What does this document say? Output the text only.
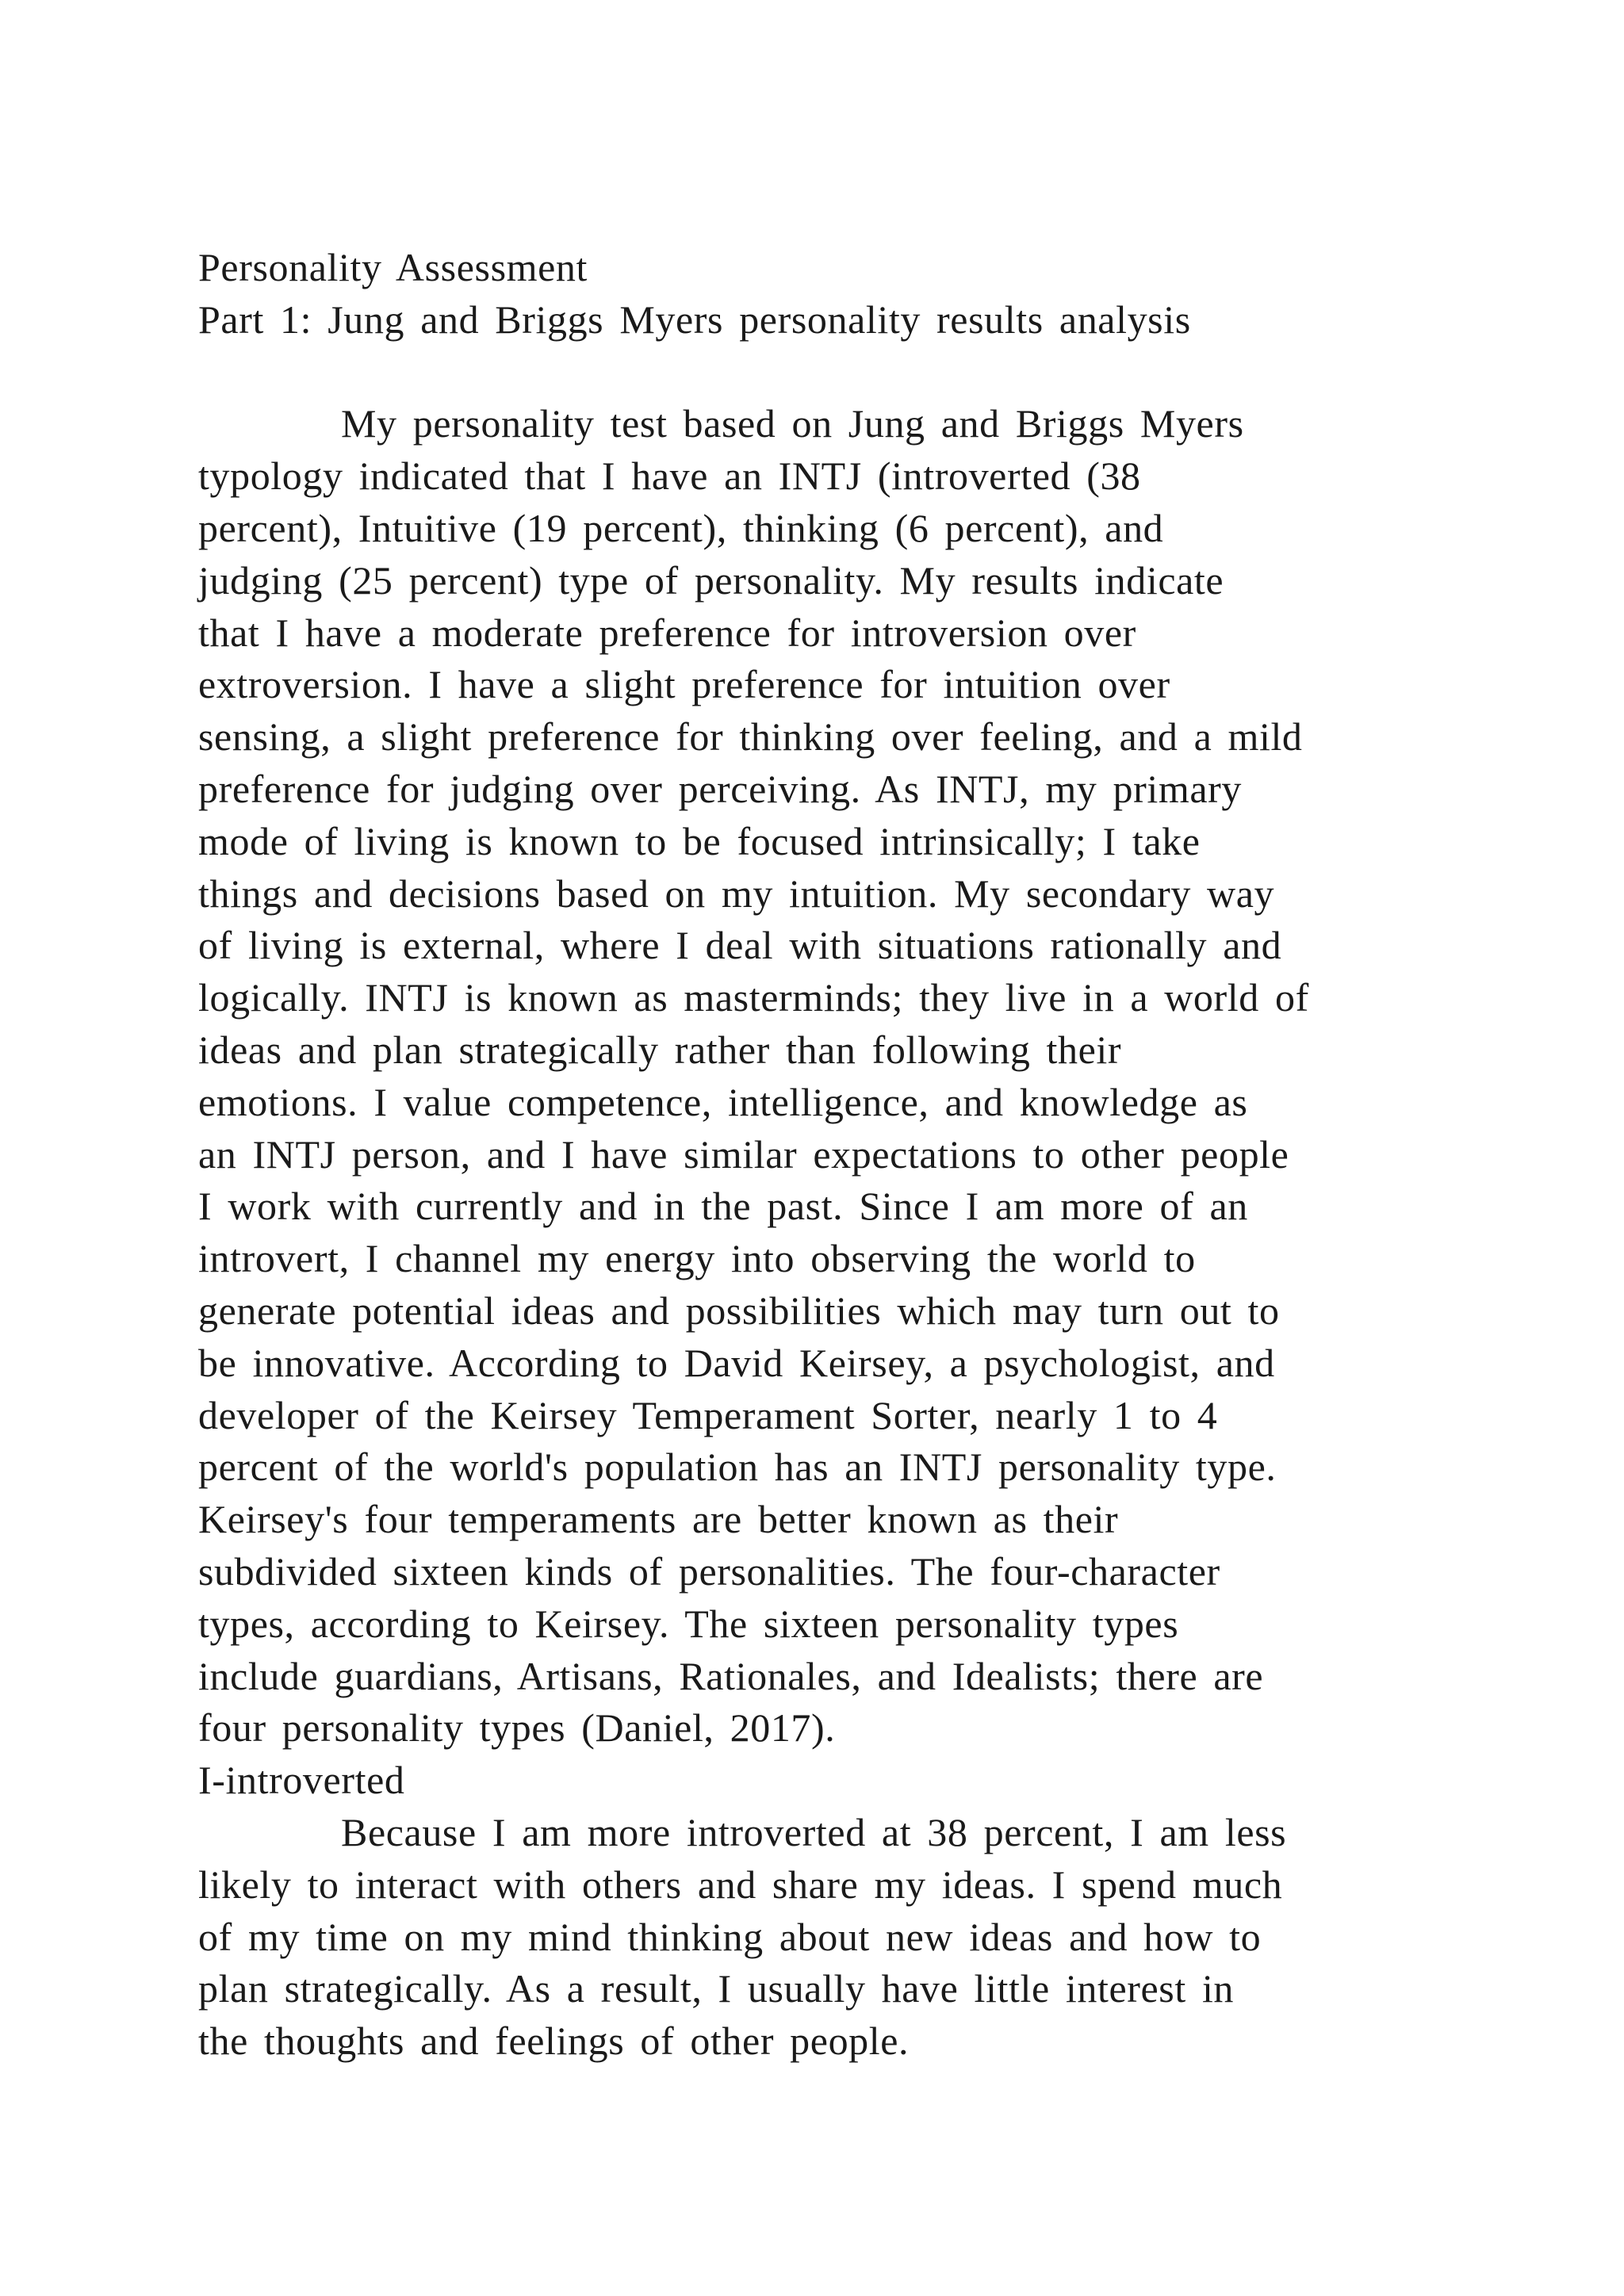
Personality Assessment
Part 1: Jung and Briggs Myers personality results analysis
My personality test based on Jung and Briggs Myers
typology indicated that I have an INTJ (introverted (38
percent), Intuitive (19 percent), thinking (6 percent), and
judging (25 percent) type of personality. My results indicate
that I have a moderate preference for introversion over
extroversion. I have a slight preference for intuition over
sensing, a slight preference for thinking over feeling, and a mild
preference for judging over perceiving. As INTJ, my primary
mode of living is known to be focused intrinsically; I take
things and decisions based on my intuition. My secondary way
of living is external, where I deal with situations rationally and
logically. INTJ is known as masterminds; they live in a world of
ideas and plan strategically rather than following their
emotions. I value competence, intelligence, and knowledge as
an INTJ person, and I have similar expectations to other people
I work with currently and in the past. Since I am more of an
introvert, I channel my energy into observing the world to
generate potential ideas and possibilities which may turn out to
be innovative. According to David Keirsey, a psychologist, and
developer of the Keirsey Temperament Sorter, nearly 1 to 4
percent of the world's population has an INTJ personality type.
Keirsey's four temperaments are better known as their
subdivided sixteen kinds of personalities. The four-character
types, according to Keirsey. The sixteen personality types
include guardians, Artisans, Rationales, and Idealists; there are
four personality types (Daniel, 2017).
I-introverted
Because I am more introverted at 38 percent, I am less
likely to interact with others and share my ideas. I spend much
of my time on my mind thinking about new ideas and how to
plan strategically. As a result, I usually have little interest in
the thoughts and feelings of other people.
